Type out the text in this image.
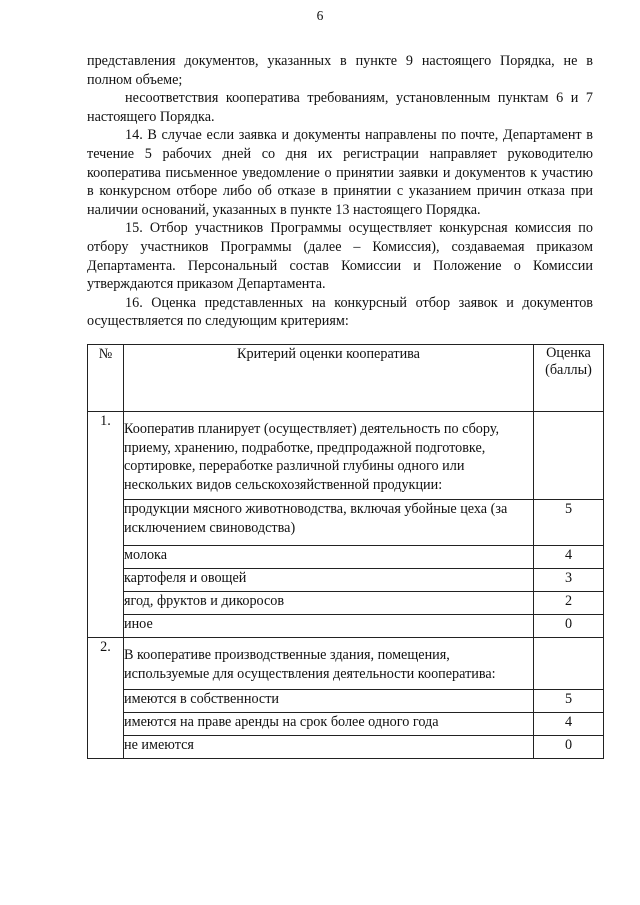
6

представления документов, указанных в пункте 9 настоящего Порядка, не в полном объеме;

несоответствия кооператива требованиям, установленным пунктам 6 и 7 настоящего Порядка.

14. В случае если заявка и документы направлены по почте, Департамент в течение 5 рабочих дней со дня их регистрации направляет руководителю кооператива письменное уведомление о принятии заявки и документов к участию в конкурсном отборе либо об отказе в принятии с указанием причин отказа при наличии оснований, указанных в пункте 13 настоящего Порядка.

15. Отбор участников Программы осуществляет конкурсная комиссия по отбору участников Программы (далее – Комиссия), создаваемая приказом Департамента. Персональный состав Комиссии и Положение о Комиссии утверждаются приказом Департамента.

16. Оценка представленных на конкурсный отбор заявок и документов осуществляется по следующим критериям:

№	Критерий оценки кооператива	Оценка
(баллы)
1.	Кооператив планирует (осуществляет) деятельность по сбору, приему, хранению, подработке, предпродажной подготовке, сортировке, переработке различной глубины одного или нескольких видов сельскохозяйственной продукции:	
	продукции мясного животноводства, включая убойные цеха (за исключением свиноводства)	5
	молока	4
	картофеля и овощей	3
	ягод, фруктов и дикоросов	2
	иное	0
2.	В кооперативе производственные здания, помещения, используемые для осуществления деятельности кооператива:	
	имеются в собственности	5
	имеются на праве аренды на срок более одного года	4
	не имеются	0
